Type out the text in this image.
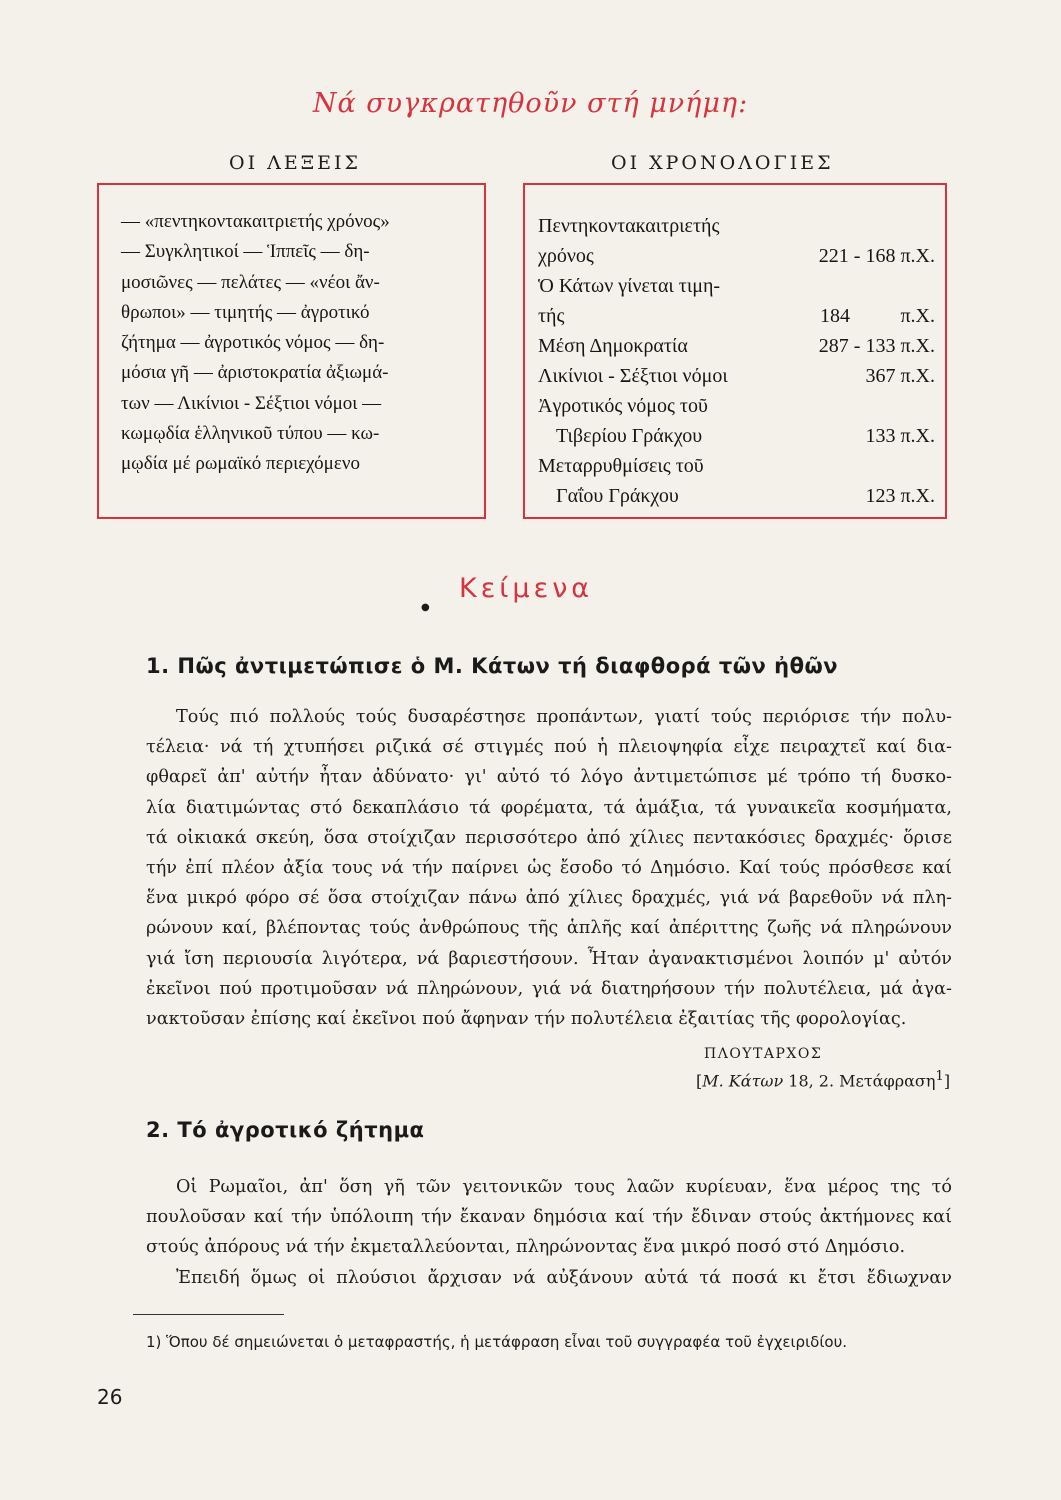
Νά συγκρατηθοῦν στή μνήμη:
ΟΙ ΛΕΞΕΙΣ	ΟΙ ΧΡΟΝΟΛΟΓΙΕΣ
— «πεντηκονταкαιτριετής χρόνος»
— Συγκλητικοί — Ἱππεῖς — δη-
μοσιῶνες — πελάτες — «νέοι ἄν-
θρωποι» — τιμητής — ἀγροτικό
ζήτημα — ἀγροτικός νόμος — δη-
μόσια γῆ — ἀριστοκρατία ἀξιωμά-
των — Λικίνιοι - Σέξτιοι νόμοι —
κωμῳδία ἑλληνικοῦ τύπου — κω-
μῳδία μέ ρωμαϊκό περιεχόμενο
Πεντηκονταкαιτριετής
χρόνος	221 - 168 π.Χ.
Ὁ Κάτων γίνεται τιμη-
τής	184	π.Χ.
Μέση Δημοκρατία	287 - 133 π.Χ.
Λικίνιοι - Σέξτιοι νόμοι	367 π.Χ.
Ἀγροτικός νόμος τοῦ
Τιβερίου Γράκχου	133 π.Χ.
Μεταρρυθμίσεις τοῦ
Γαΐου Γράκχου	123 π.Χ.
Κείμενα
●
1. Πῶς ἀντιμετώπισε ὁ Μ. Κάτων τή διαφθορά τῶν ἠθῶν
Τούς πιό πολλούς τούς δυσαρέστησε προπάντων, γιατί τούς περιόρισε τήν πολυ-
τέλεια· νά τή χτυπήσει ριζικά σέ στιγμές πού ἡ πλειοψηφία εἶχε πειραχτεῖ καί δια-
φθαρεῖ ἀπ' αὐτήν ἦταν ἀδύνατο· γι' αὐτό τό λόγο ἀντιμετώπισε μέ τρόπο τή δυσκο-
λία διατιμώντας στό δεκαπλάσιο τά φορέματα, τά ἁμάξια, τά γυναικεῖα κοσμήματα,
τά οἰκιακά σκεύη, ὅσα στοίχιζαν περισσότερο ἀπό χίλιες πεντακόσιες δραχμές· ὅρισε
τήν ἐπί πλέον ἀξία τους νά τήν παίρνει ὡς ἔσοδο τό Δημόσιο. Καί τούς πρόσθεσε καί
ἕνα μικρό φόρο σέ ὅσα στοίχιζαν πάνω ἀπό χίλιες δραχμές, γιά νά βαρεθοῦν νά πλη-
ρώνουν καί, βλέποντας τούς ἀνθρώπους τῆς ἁπλῆς καί ἀπέριττης ζωῆς νά πληρώνουν
γιά ἴση περιουσία λιγότερα, νά βαριεστήσουν. Ἦταν ἀγανακτισμένοι λοιπόν μ' αὐτόν
ἐκεῖνοι πού προτιμοῦσαν νά πληρώνουν, γιά νά διατηρήσουν τήν πολυτέλεια, μά ἀγα-
νακτοῦσαν ἐπίσης καί ἐκεῖνοι πού ἄφηναν τήν πολυτέλεια ἐξαιτίας τῆς φορολογίας.
ΠΛΟΥΤΑΡΧΟΣ
[Μ. Κάτων 18, 2. Μετάφραση$^1$]
2. Τό ἀγροτικό ζήτημα
Οἱ Ρωμαῖοι, ἀπ' ὅση γῆ τῶν γειτονικῶν τους λαῶν κυρίευαν, ἕνα μέρος της τό
πουλοῦσαν καί τήν ὑπόλοιπη τήν ἔκαναν δημόσια καί τήν ἔδιναν στούς ἀκτήμονες καί
στούς ἀπόρους νά τήν ἐκμεταλλεύονται, πληρώνοντας ἕνα μικρό ποσό στό Δημόσιο.
Ἐπειδή ὅμως οἱ πλούσιοι ἄρχισαν νά αὐξάνουν αὐτά τά ποσά κι ἔτσι ἔδιωχναν
1) Ὅπου δέ σημειώνεται ὁ μεταφραστής, ἡ μετάφραση εἶναι τοῦ συγγραφέα τοῦ ἐγχειριδίου.
26
